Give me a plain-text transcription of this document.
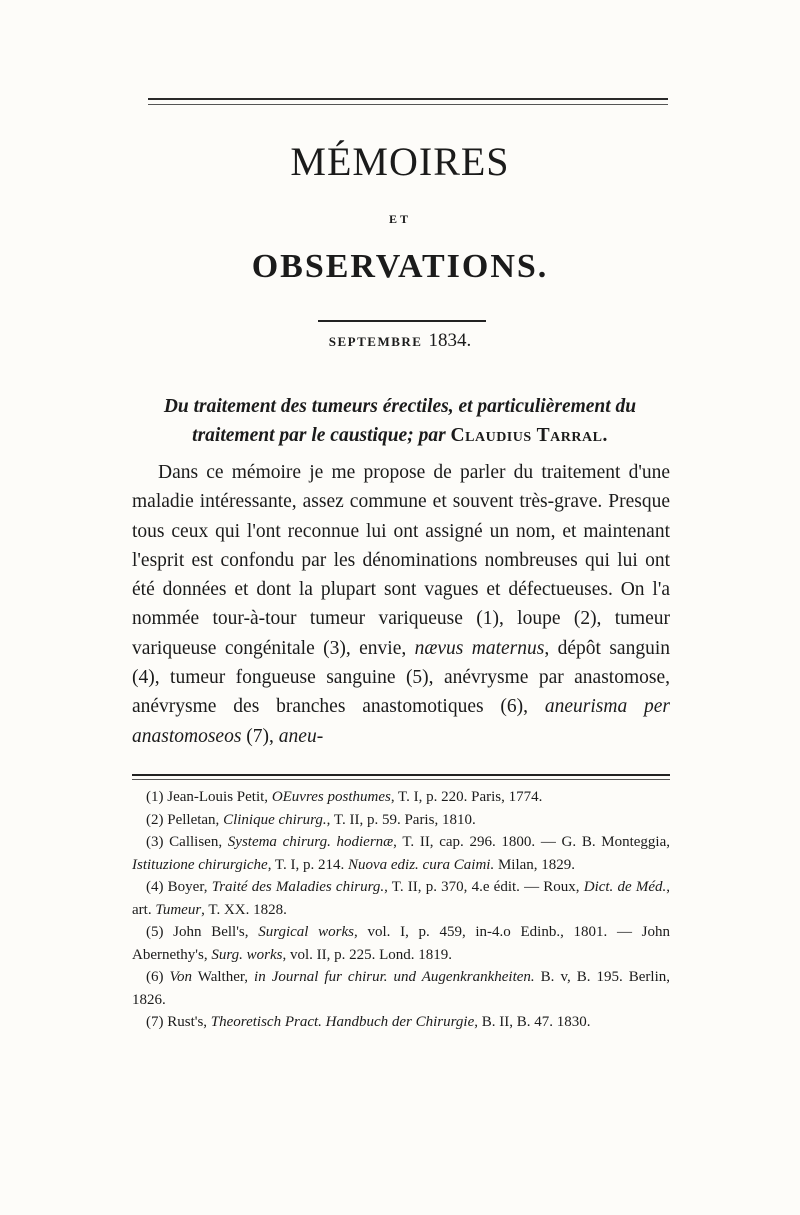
MÉMOIRES
ET
OBSERVATIONS.
SEPTEMBRE 1834.
Du traitement des tumeurs érectiles, et particulièrement du traitement par le caustique; par Claudius Tarral.

Dans ce mémoire je me propose de parler du traitement d'une maladie intéressante, assez commune et souvent très-grave. Presque tous ceux qui l'ont reconnue lui ont assigné un nom, et maintenant l'esprit est confondu par les dénominations nombreuses qui lui ont été données et dont la plupart sont vagues et défectueuses. On l'a nommée tour-à-tour tumeur variqueuse (1), loupe (2), tumeur variqueuse congénitale (3), envie, nævus maternus, dépôt sanguin (4), tumeur fongueuse sanguine (5), anévrysme par anastomose, anévrysme des branches anastomotiques (6), aneurisma per anastomoseos (7), aneu-

(1) Jean-Louis Petit, OEuvres posthumes, T. I, p. 220. Paris, 1774.

(2) Pelletan, Clinique chirurg., T. II, p. 59. Paris, 1810.

(3) Callisen, Systema chirurg. hodiernæ, T. II, cap. 296. 1800. — G. B. Monteggia, Istituzione chirurgiche, T. I, p. 214. Nuova ediz. cura Caimi. Milan, 1829.

(4) Boyer, Traité des Maladies chirurg., T. II, p. 370, 4.e édit. — Roux, Dict. de Méd., art. Tumeur, T. XX. 1828.

(5) John Bell's, Surgical works, vol. I, p. 459, in-4.o Edinb., 1801. — John Abernethy's, Surg. works, vol. II, p. 225. Lond. 1819.

(6) Von Walther, in Journal fur chirur. und Augenkrankheiten. B. v, B. 195. Berlin, 1826.

(7) Rust's, Theoretisch Pract. Handbuch der Chirurgie, B. II, B. 47. 1830.
